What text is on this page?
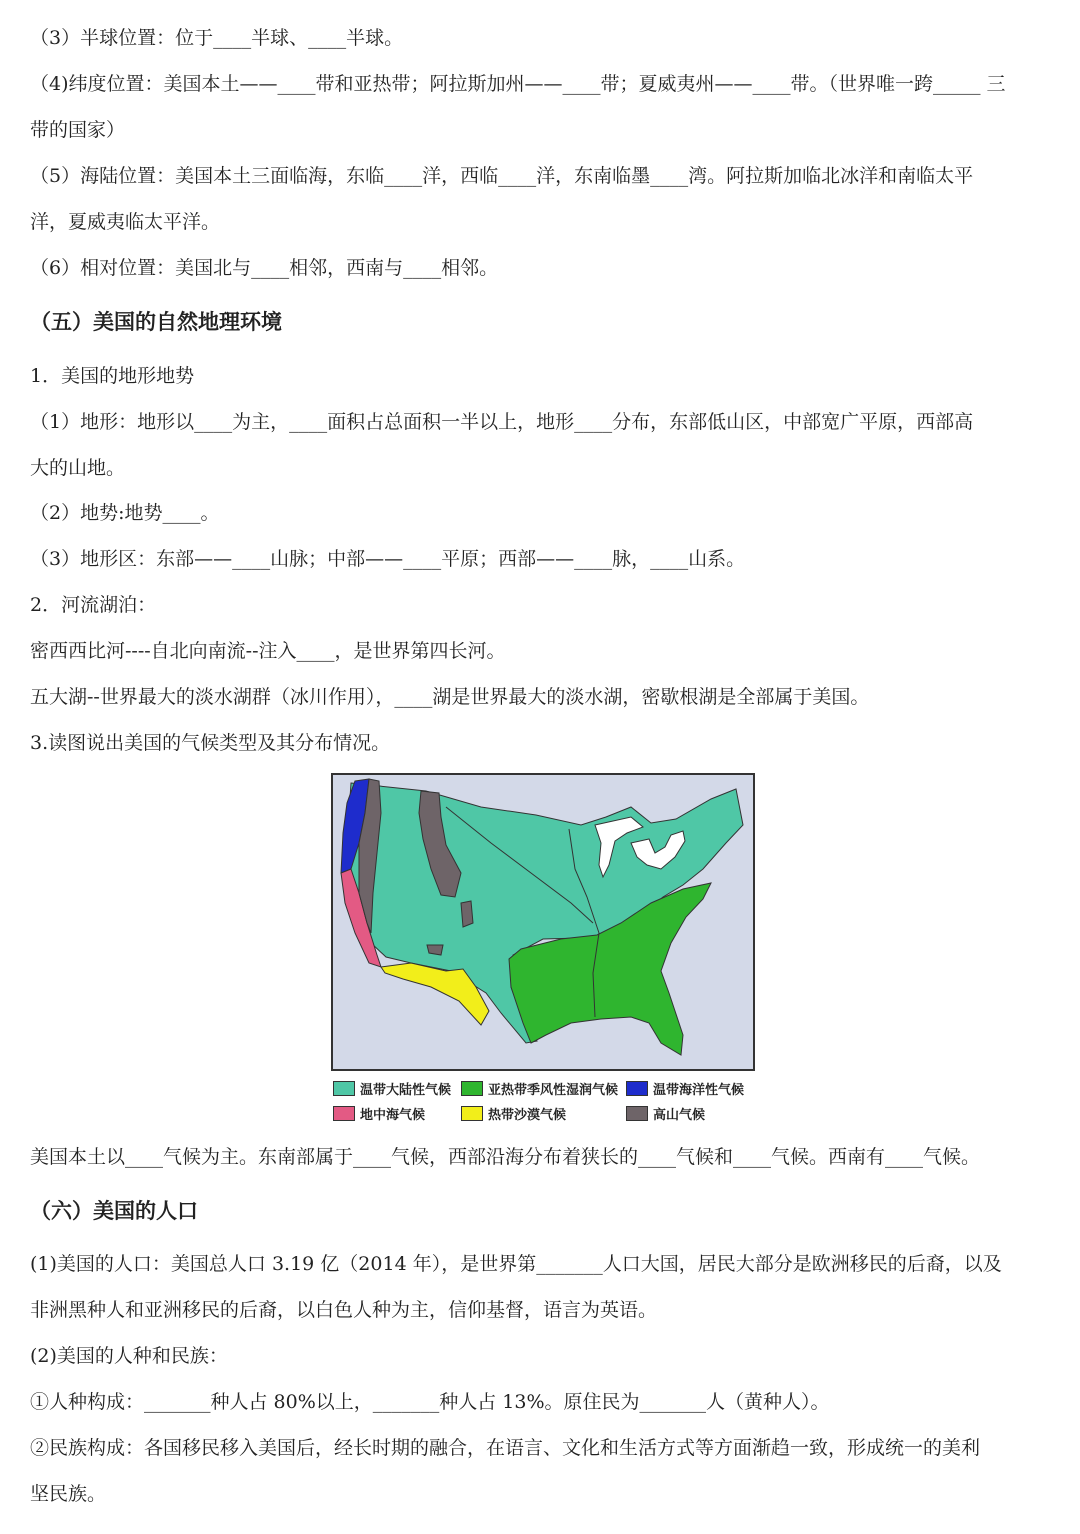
（3）半球位置：位于____半球、____半球。
（4)纬度位置：美国本土——____带和亚热带；阿拉斯加州——____带；夏威夷州——____带。（世界唯一跨_____ 三
带的国家）
（5）海陆位置：美国本土三面临海，东临____洋，西临____洋，东南临墨____湾。阿拉斯加临北冰洋和南临太平
洋，夏威夷临太平洋。
（6）相对位置：美国北与____相邻，西南与____相邻。
（五）美国的自然地理环境
1．美国的地形地势
（1）地形：地形以____为主，____面积占总面积一半以上，地形____分布，东部低山区，中部宽广平原，西部高
大的山地。
（2）地势:地势____。
（3）地形区：东部——____山脉；中部——____平原；西部——____脉，____山系。
2．河流湖泊：
密西西比河----自北向南流--注入____，是世界第四长河。
五大湖--世界最大的淡水湖群（冰川作用），____湖是世界最大的淡水湖，密歇根湖是全部属于美国。
3.读图说出美国的气候类型及其分布情况。
温带大陆性气候	亚热带季风性湿润气候	温带海洋性气候
地中海气候	热带沙漠气候	高山气候
美国本土以____气候为主。东南部属于____气候，西部沿海分布着狭长的____气候和____气候。西南有____气候。
（六）美国的人口
(1)美国的人口：美国总人口 3.19 亿（2014 年），是世界第_______人口大国，居民大部分是欧洲移民的后裔，以及
非洲黑种人和亚洲移民的后裔，以白色人种为主，信仰基督，语言为英语。
(2)美国的人种和民族：
①人种构成：_______种人占 80%以上，_______种人占 13%。原住民为_______人（黄种人）。
②民族构成：各国移民移入美国后，经长时期的融合，在语言、文化和生活方式等方面渐趋一致，形成统一的美利
坚民族。
